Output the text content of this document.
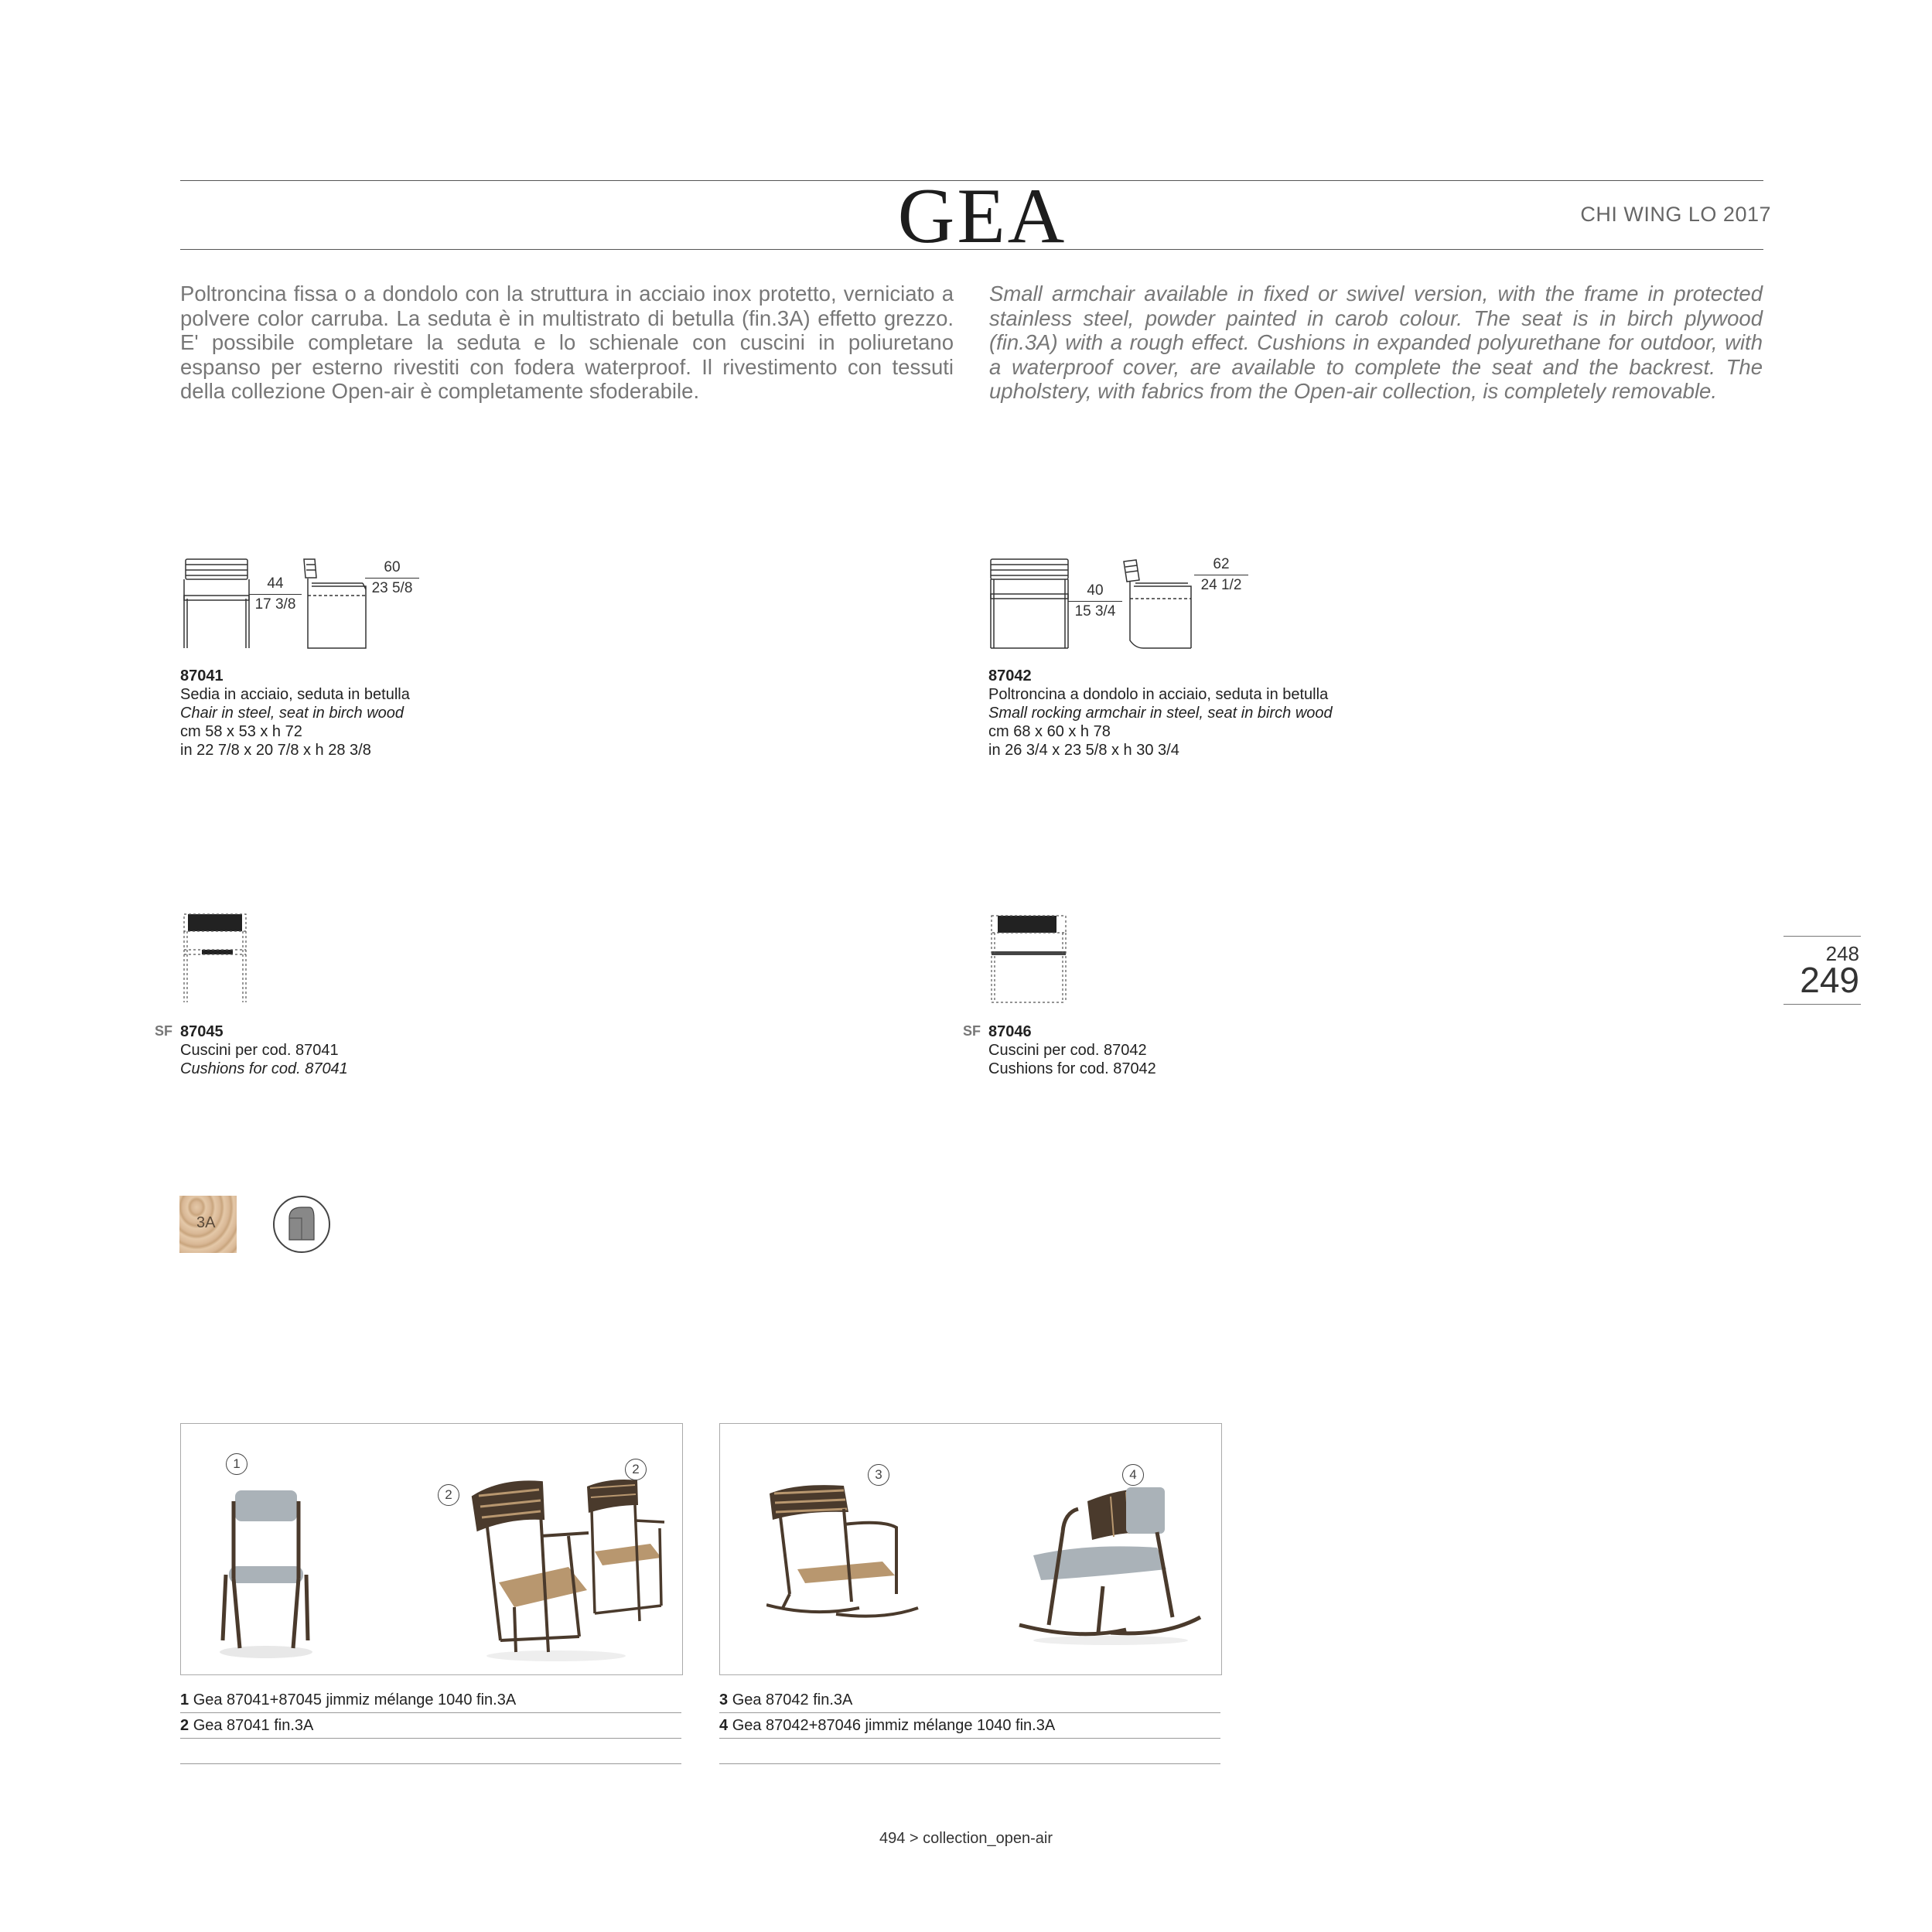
GEA	CHI WING LO 2017
Poltroncina fissa o a dondolo con la struttura in acciaio inox protetto, verniciato a polvere color carruba. La seduta è in multistrato di betulla (fin.3A) effetto grezzo. E' possibile completare la seduta e lo schienale con cuscini in poliuretano espanso per esterno rivestiti con fodera waterproof. Il rivestimento con tessuti della collezione Open-air è completamente sfoderabile.
Small armchair available in fixed or swivel version, with the frame in protected stainless steel, powder painted in carob colour. The seat is in birch plywood (fin.3A) with a rough effect. Cushions in expanded polyurethane for outdoor, with a waterproof cover, are available to complete the seat and the backrest. The upholstery, with fabrics from the Open-air collection, is completely removable.
44
17 3/8
60
23 5/8
87041
Sedia in acciaio, seduta in betulla
Chair in steel, seat in birch wood
cm 58 x 53 x h 72
in 22 7/8 x 20 7/8 x h 28 3/8
40
15 3/4
62
24 1/2
87042
Poltroncina a dondolo in acciaio, seduta in betulla
Small rocking armchair in steel, seat in birch wood
cm 68 x 60 x h 78
in 26 3/4 x 23 5/8 x h 30 3/4
SF 87045
Cuscini per cod. 87041
Cushions for cod. 87041
SF 87046
Cuscini per cod. 87042
Cushions for cod. 87042
3A
1
2
2	3	4
1 Gea 87041+87045 jimmiz mélange 1040 fin.3A
2 Gea 87041 fin.3A
3 Gea 87042 fin.3A
4 Gea 87042+87046 jimmiz mélange 1040 fin.3A
248
249
494 > collection_open-air
